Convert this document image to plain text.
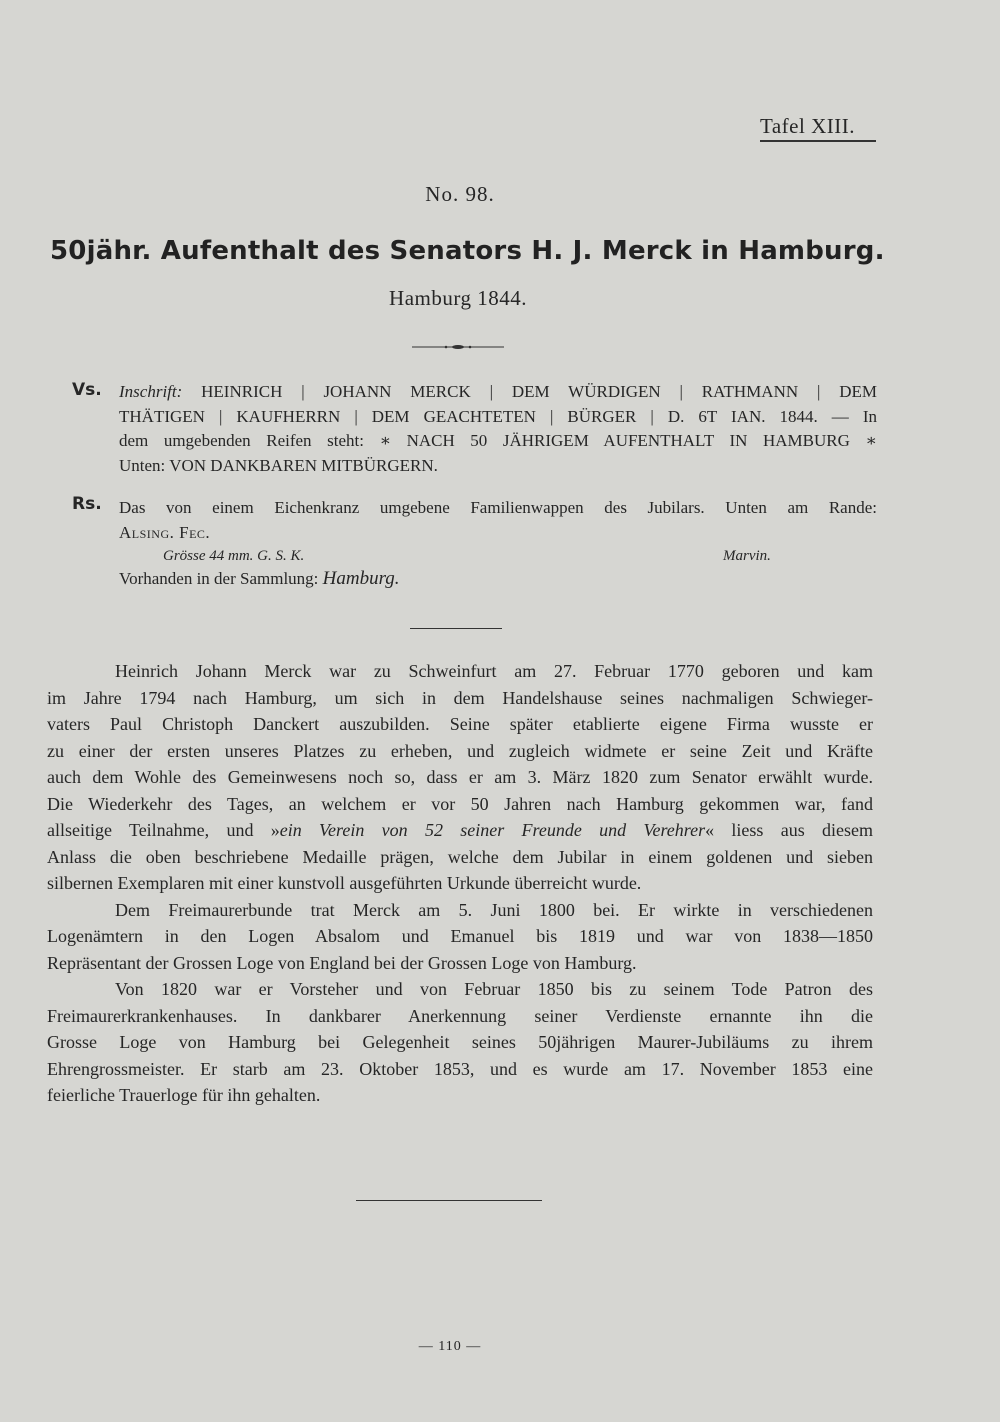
Tafel XIII.
No. 98.
50jähr. Aufenthalt des Senators H. J. Merck in Hamburg.
Hamburg 1844.
Vs. Inschrift: HEINRICH | JOHANN MERCK | DEM WÜRDIGEN | RATHMANN | DEM
THÄTIGEN | KAUFHERRN | DEM GEACHTETEN | BÜRGER | D. 6T IAN. 1844. — In
dem umgebenden Reifen steht: ∗ NACH 50 JÄHRIGEM AUFENTHALT IN HAMBURG ∗
Unten: VON DANKBAREN MITBÜRGERN.
Rs. Das von einem Eichenkranz umgebene Familienwappen des Jubilars. Unten am Rande:
Alsing. Fec.
Grösse 44 mm. G. S. K.	Marvin.
Vorhanden in der Sammlung: Hamburg.
Heinrich Johann Merck war zu Schweinfurt am 27. Februar 1770 geboren und kam
im Jahre 1794 nach Hamburg, um sich in dem Handelshause seines nachmaligen Schwieger-
vaters Paul Christoph Danckert auszubilden. Seine später etablierte eigene Firma wusste er
zu einer der ersten unseres Platzes zu erheben, und zugleich widmete er seine Zeit und Kräfte
auch dem Wohle des Gemeinwesens noch so, dass er am 3. März 1820 zum Senator erwählt wurde.
Die Wiederkehr des Tages, an welchem er vor 50 Jahren nach Hamburg gekommen war, fand
allseitige Teilnahme, und »ein Verein von 52 seiner Freunde und Verehrer« liess aus diesem
Anlass die oben beschriebene Medaille prägen, welche dem Jubilar in einem goldenen und sieben
silbernen Exemplaren mit einer kunstvoll ausgeführten Urkunde überreicht wurde.
Dem Freimaurerbunde trat Merck am 5. Juni 1800 bei. Er wirkte in verschiedenen
Logenämtern in den Logen Absalom und Emanuel bis 1819 und war von 1838—1850
Repräsentant der Grossen Loge von England bei der Grossen Loge von Hamburg.
Von 1820 war er Vorsteher und von Februar 1850 bis zu seinem Tode Patron des
Freimaurerkrankenhauses. In dankbarer Anerkennung seiner Verdienste ernannte ihn die
Grosse Loge von Hamburg bei Gelegenheit seines 50jährigen Maurer-Jubiläums zu ihrem
Ehrengrossmeister. Er starb am 23. Oktober 1853, und es wurde am 17. November 1853 eine
feierliche Trauerloge für ihn gehalten.
— 110 —
